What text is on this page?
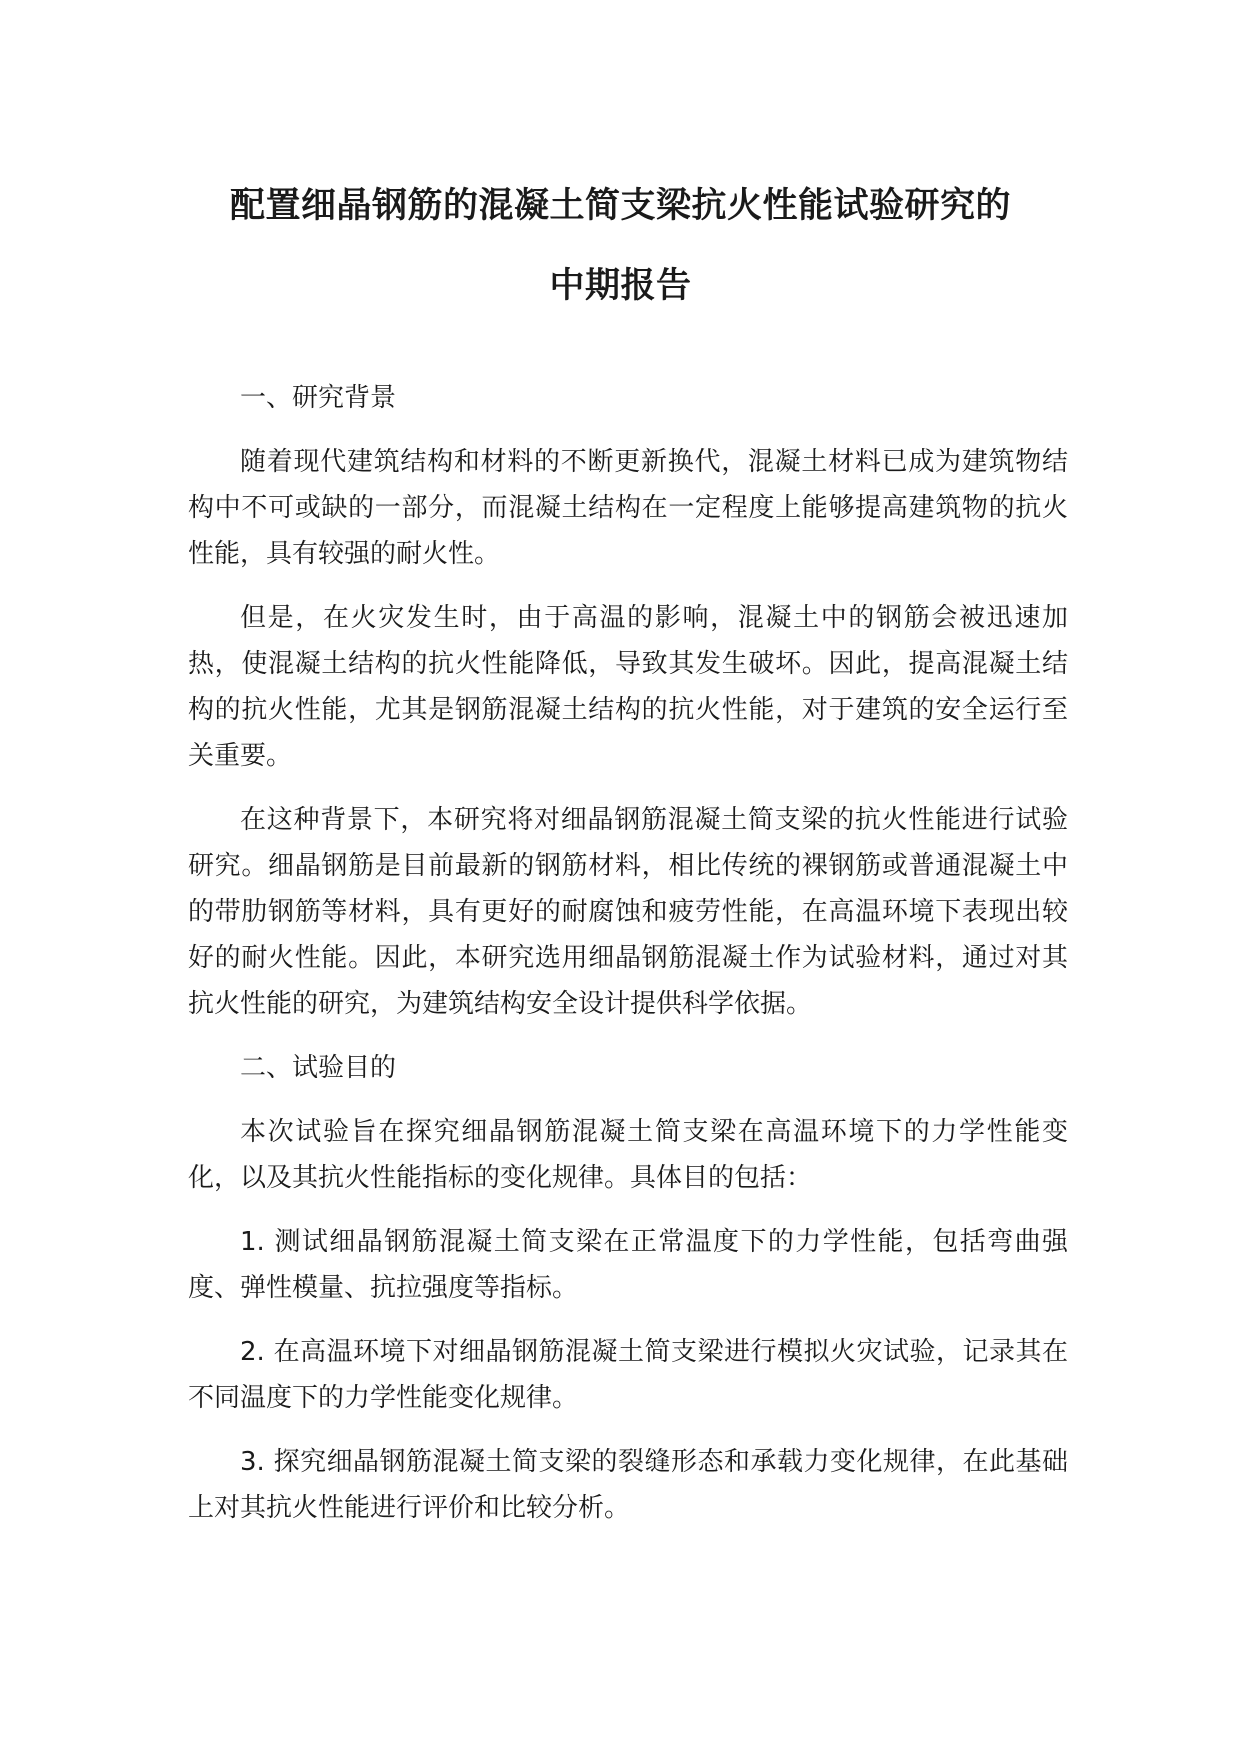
配置细晶钢筋的混凝土简支梁抗火性能试验研究的
中期报告

一、研究背景

随着现代建筑结构和材料的不断更新换代，混凝土材料已成为建筑物结构中不可或缺的一部分，而混凝土结构在一定程度上能够提高建筑物的抗火性能，具有较强的耐火性。

但是，在火灾发生时，由于高温的影响，混凝土中的钢筋会被迅速加热，使混凝土结构的抗火性能降低，导致其发生破坏。因此，提高混凝土结构的抗火性能，尤其是钢筋混凝土结构的抗火性能，对于建筑的安全运行至关重要。

在这种背景下，本研究将对细晶钢筋混凝土简支梁的抗火性能进行试验研究。细晶钢筋是目前最新的钢筋材料，相比传统的裸钢筋或普通混凝土中的带肋钢筋等材料，具有更好的耐腐蚀和疲劳性能，在高温环境下表现出较好的耐火性能。因此，本研究选用细晶钢筋混凝土作为试验材料，通过对其抗火性能的研究，为建筑结构安全设计提供科学依据。

二、试验目的

本次试验旨在探究细晶钢筋混凝土简支梁在高温环境下的力学性能变化，以及其抗火性能指标的变化规律。具体目的包括：

1. 测试细晶钢筋混凝土简支梁在正常温度下的力学性能，包括弯曲强度、弹性模量、抗拉强度等指标。

2. 在高温环境下对细晶钢筋混凝土简支梁进行模拟火灾试验，记录其在不同温度下的力学性能变化规律。

3. 探究细晶钢筋混凝土简支梁的裂缝形态和承载力变化规律，在此基础上对其抗火性能进行评价和比较分析。
